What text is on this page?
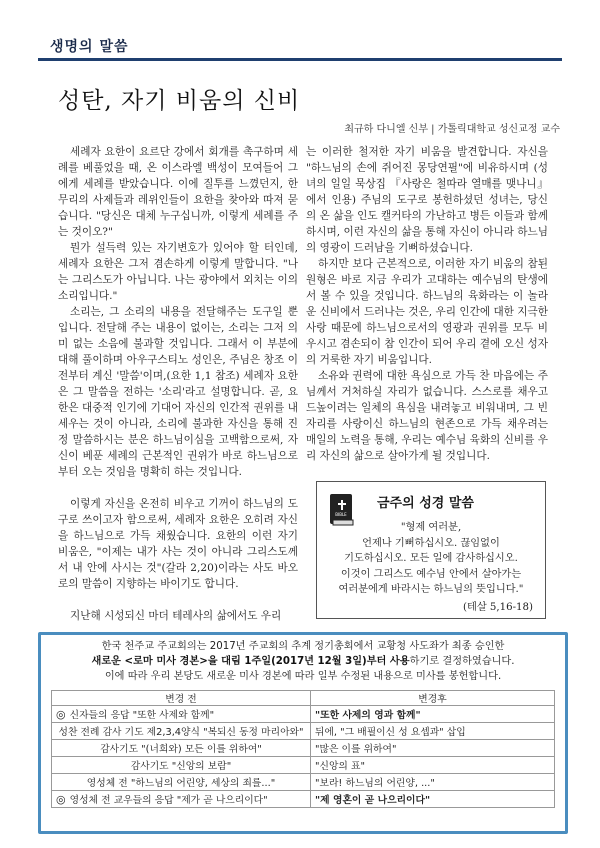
생명의 말씀
성탄, 자기 비움의 신비
최규하 다니엘 신부 | 가톨릭대학교 성신교정 교수

세례자 요한이 요르단 강에서 회개를 촉구하며 세례를 베풀었을 때, 온 이스라엘 백성이 모여들어 그에게 세례를 받았습니다. 이에 질투를 느꼈던지, 한 무리의 사제들과 레위인들이 요한을 찾아와 따져 묻습니다. "당신은 대체 누구십니까, 이렇게 세례를 주는 것이오?"

뭔가 설득력 있는 자기변호가 있어야 할 터인데, 세례자 요한은 그저 겸손하게 이렇게 말합니다. "나는 그리스도가 아닙니다. 나는 광야에서 외치는 이의 소리입니다."

소리는, 그 소리의 내용을 전달해주는 도구일 뿐입니다. 전달해 주는 내용이 없이는, 소리는 그저 의미 없는 소음에 불과할 것입니다. 그래서 이 부분에 대해 풀이하며 아우구스티노 성인은, 주님은 창조 이전부터 계신 '말씀'이며,(요한 1,1 참조) 세례자 요한은 그 말씀을 전하는 '소리'라고 설명합니다. 곧, 요한은 대중적 인기에 기대어 자신의 인간적 권위를 내세우는 것이 아니라, 소리에 불과한 자신을 통해 진정 말씀하시는 분은 하느님이심을 고백함으로써, 자신이 베푼 세례의 근본적인 권위가 바로 하느님으로부터 오는 것임을 명확히 하는 것입니다.

이렇게 자신을 온전히 비우고 기꺼이 하느님의 도구로 쓰이고자 함으로써, 세례자 요한은 오히려 자신을 하느님으로 가득 채웠습니다. 요한의 이런 자기 비움은, "이제는 내가 사는 것이 아니라 그리스도께서 내 안에 사시는 것"(갈라 2,20)이라는 사도 바오로의 말씀이 지향하는 바이기도 합니다.

지난해 시성되신 마더 테레사의 삶에서도 우리

는 이러한 철저한 자기 비움을 발견합니다. 자신을 "하느님의 손에 쥐어진 몽당연필"에 비유하시며 (성녀의 일일 묵상집 『사랑은 철따라 열매를 맺나니』에서 인용) 주님의 도구로 봉헌하셨던 성녀는, 당신의 온 삶을 인도 캘커타의 가난하고 병든 이들과 함께 하시며, 이런 자신의 삶을 통해 자신이 아니라 하느님의 영광이 드러남을 기뻐하셨습니다.

하지만 보다 근본적으로, 이러한 자기 비움의 참된 원형은 바로 지금 우리가 고대하는 예수님의 탄생에서 볼 수 있을 것입니다. 하느님의 육화라는 이 놀라운 신비에서 드러나는 것은, 우리 인간에 대한 지극한 사랑 때문에 하느님으로서의 영광과 권위를 모두 비우시고 겸손되이 참 인간이 되어 우리 곁에 오신 성자의 거룩한 자기 비움입니다.

소유와 권력에 대한 욕심으로 가득 찬 마음에는 주님께서 거처하실 자리가 없습니다. 스스로를 채우고 드높이려는 일체의 욕심을 내려놓고 비워내며, 그 빈자리를 사랑이신 하느님의 현존으로 가득 채우려는 매일의 노력을 통해, 우리는 예수님 육화의 신비를 우리 자신의 삶으로 살아가게 될 것입니다.

BIBLE
금주의 성경 말씀
"형제 여러분,
언제나 기뻐하십시오. 끊임없이
기도하십시오. 모든 일에 감사하십시오.
이것이 그리스도 예수님 안에서 살아가는
여러분에게 바라시는 하느님의 뜻입니다."
(테살 5,16-18)
한국 천주교 주교회의는 2017년 주교회의 추계 정기총회에서 교황청 사도좌가 최종 승인한
새로운 <로마 미사 경본>을 대림 1주일(2017년 12월 3일)부터 사용하기로 결정하였습니다.
이에 따라 우리 본당도 새로운 미사 경본에 따라 일부 수정된 내용으로 미사를 봉헌합니다.
변경 전	변경후
◎ 신자들의 응답 "또한 사제와 함께"	"또한 사제의 영과 함께"
성찬 전례 감사 기도 제2,3,4양식 "복되신 동정 마리아와"	뒤에, "그 배필이신 성 요셉과" 삽입
감사기도 "(너희와) 모든 이를 위하여"	"많은 이를 위하여"
감사기도 "신앙의 보람"	"신앙의 표"
영성체 전 "하느님의 어린양, 세상의 죄를..."	"보라! 하느님의 어린양, ..."
◎ 영성체 전 교우들의 응답 "제가 곧 나으리이다"	"제 영혼이 곧 나으리이다"
